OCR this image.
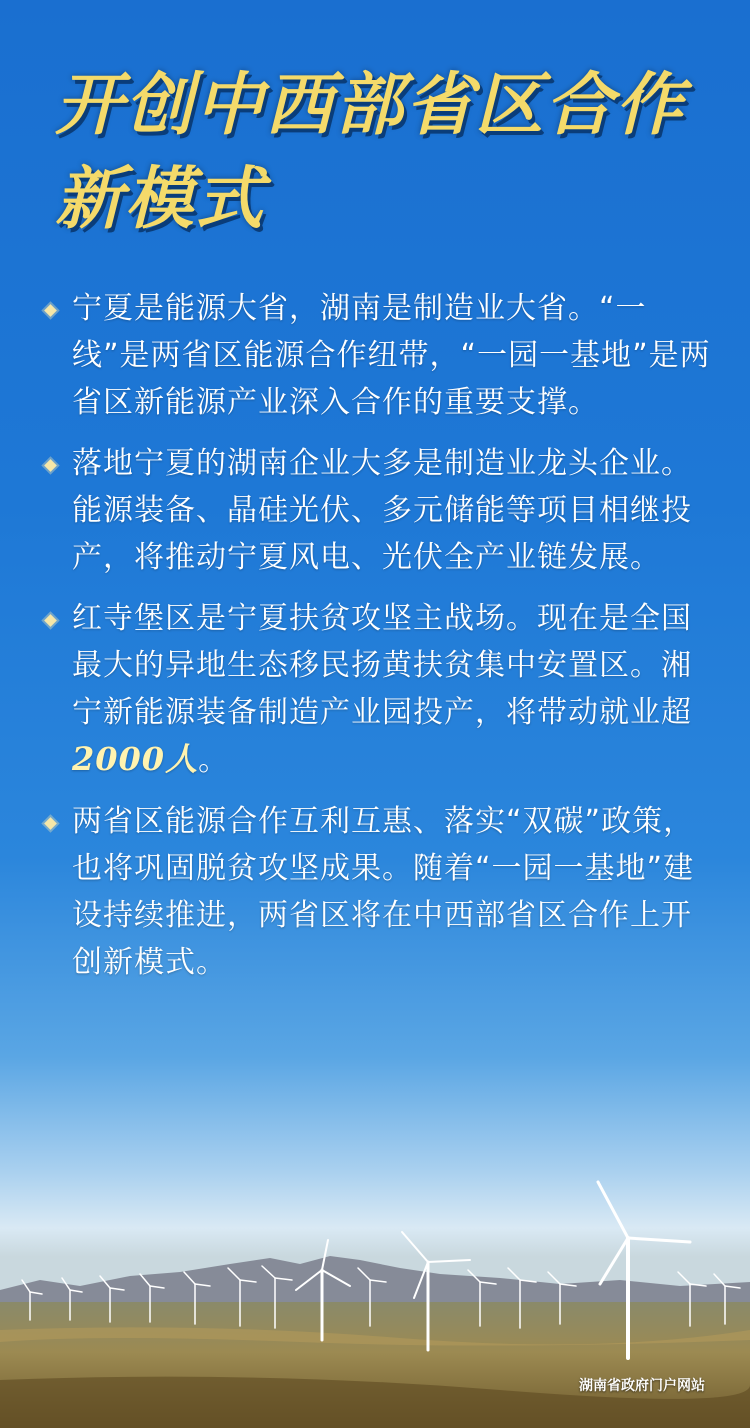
开创中西部省区合作
新模式
宁夏是能源大省，湖南是制造业大省。“一线”是两省区能源合作纽带，“一园一基地”是两省区新能源产业深入合作的重要支撑。
落地宁夏的湖南企业大多是制造业龙头企业。能源装备、晶硅光伏、多元储能等项目相继投产，将推动宁夏风电、光伏全产业链发展。
红寺堡区是宁夏扶贫攻坚主战场。现在是全国最大的异地生态移民扬黄扶贫集中安置区。湘宁新能源装备制造产业园投产，将带动就业超2000人。
两省区能源合作互利互惠、落实“双碳”政策，也将巩固脱贫攻坚成果。随着“一园一基地”建设持续推进，两省区将在中西部省区合作上开创新模式。
湖南省政府门户网站
